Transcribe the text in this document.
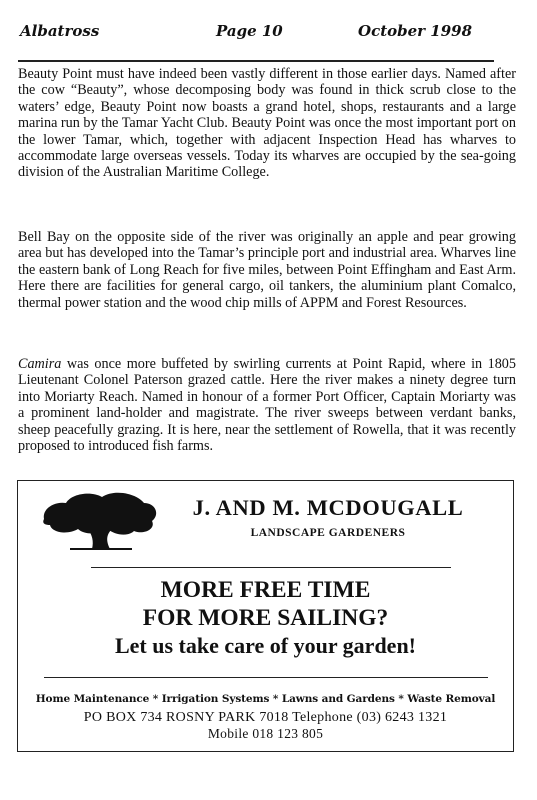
Albatross	Page 10	October 1998

Beauty Point must have indeed been vastly different in those earlier days. Named after the cow “Beauty”, whose decomposing body was found in thick scrub close to the waters’ edge, Beauty Point now boasts a grand hotel, shops, restaurants and a large marina run by the Tamar Yacht Club. Beauty Point was once the most important port on the lower Tamar, which, together with adjacent Inspection Head has wharves to accommodate large overseas vessels. Today its wharves are occupied by the sea-going division of the Australian Maritime College.

Bell Bay on the opposite side of the river was originally an apple and pear growing area but has developed into the Tamar’s principle port and industrial area. Wharves line the eastern bank of Long Reach for five miles, between Point Effingham and East Arm. Here there are facilities for general cargo, oil tankers, the aluminium plant Comalco, thermal power station and the wood chip mills of APPM and Forest Resources.

Camira was once more buffeted by swirling currents at Point Rapid, where in 1805 Lieutenant Colonel Paterson grazed cattle. Here the river makes a ninety degree turn into Moriarty Reach. Named in honour of a former Port Officer, Captain Moriarty was a prominent land-holder and magistrate. The river sweeps between verdant banks, sheep peacefully grazing. It is here, near the settlement of Rowella, that it was recently proposed to introduced fish farms.

J. AND M. MCDOUGALL
LANDSCAPE GARDENERS
MORE FREE TIME
FOR MORE SAILING?
Let us take care of your garden!
Home Maintenance * Irrigation Systems * Lawns and Gardens * Waste Removal
PO BOX 734 ROSNY PARK 7018 Telephone (03) 6243 1321
Mobile 018 123 805
